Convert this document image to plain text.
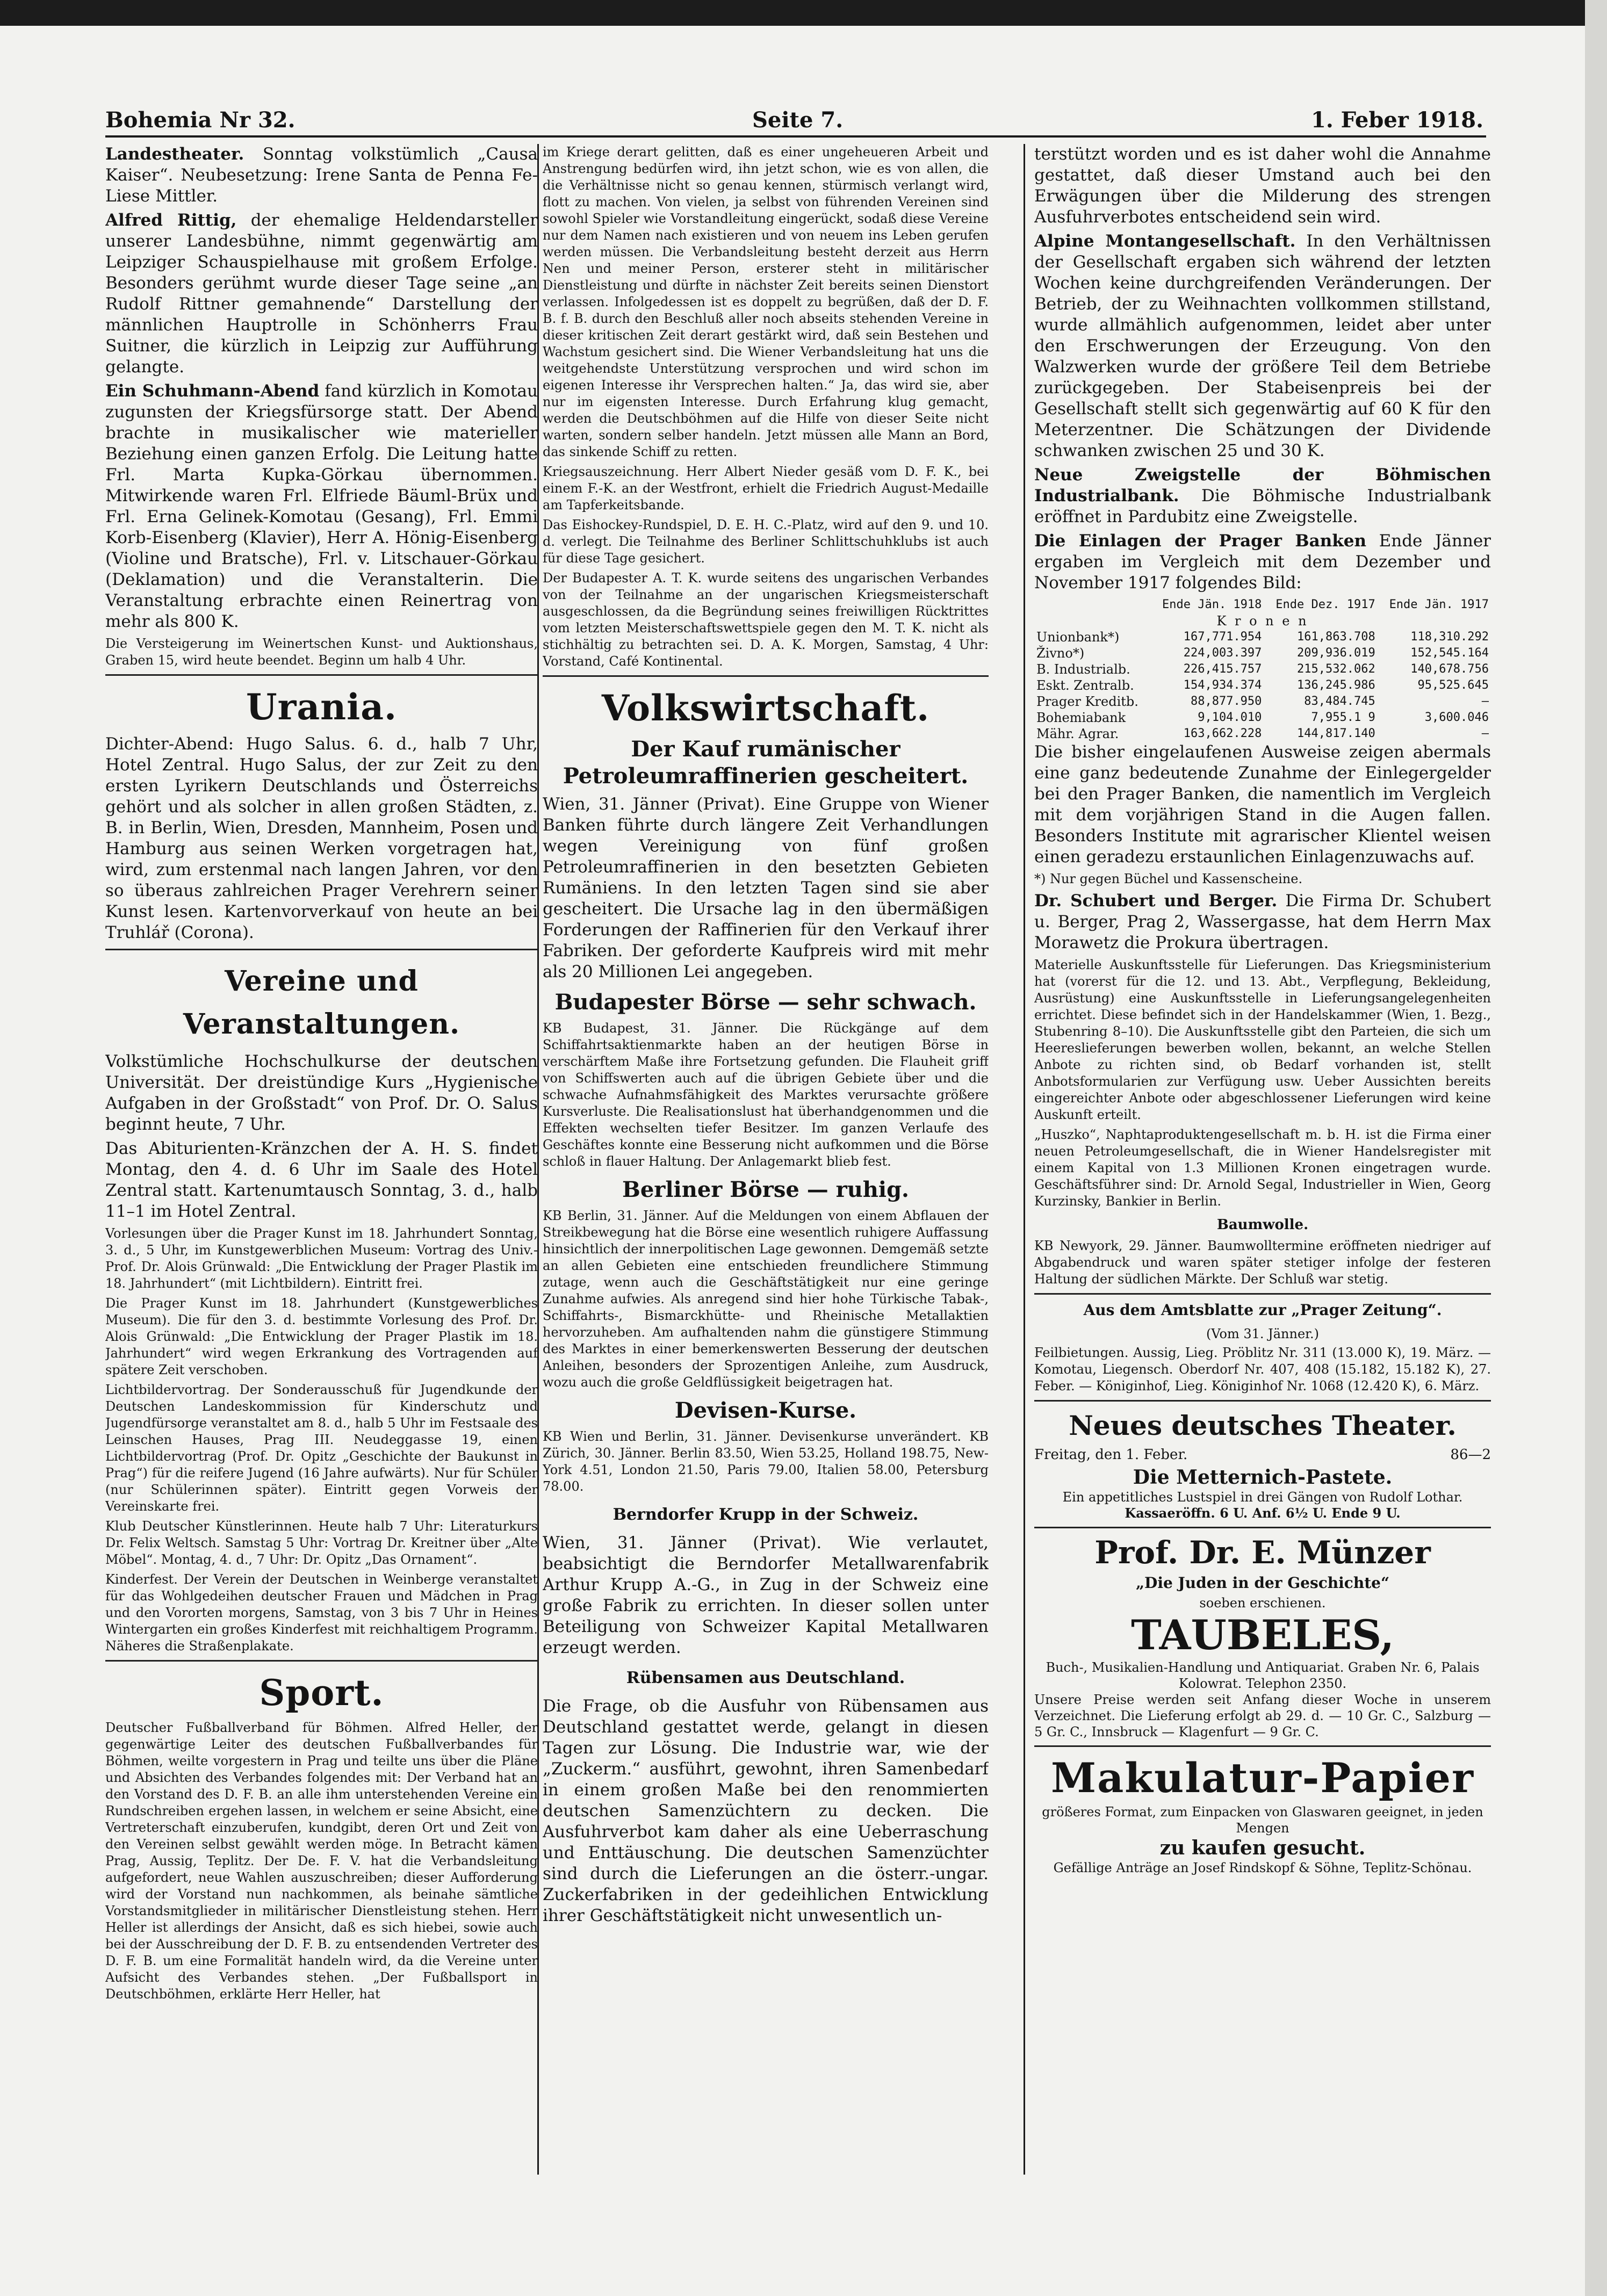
Bohemia Nr 32.	Seite 7.	1. Feber 1918.

Landestheater. Sonntag volkstümlich „Causa Kaiser“. Neubesetzung: Irene Santa de Penna Fe-Liese Mittler.

Alfred Rittig, der ehemalige Heldendarsteller unserer Landesbühne, nimmt gegenwärtig am Leipziger Schauspielhause mit großem Erfolge. Besonders gerühmt wurde dieser Tage seine „an Rudolf Rittner gemahnende“ Darstellung der männlichen Hauptrolle in Schönherrs Frau Suitner, die kürzlich in Leipzig zur Aufführung gelangte.

Ein Schuhmann-Abend fand kürzlich in Komotau zugunsten der Kriegsfürsorge statt. Der Abend brachte in musikalischer wie materieller Beziehung einen ganzen Erfolg. Die Leitung hatte Frl. Marta Kupka-Görkau übernommen. Mitwirkende waren Frl. Elfriede Bäuml-Brüx und Frl. Erna Gelinek-Komotau (Gesang), Frl. Emmi Korb-Eisenberg (Klavier), Herr A. Hönig-Eisenberg (Violine und Bratsche), Frl. v. Litschauer-Görkau (Deklamation) und die Veranstalterin. Die Veranstaltung erbrachte einen Reinertrag von mehr als 800 K.

Die Versteigerung im Weinertschen Kunst- und Auktionshaus, Graben 15, wird heute beendet. Beginn um halb 4 Uhr.

Urania.

Dichter-Abend: Hugo Salus. 6. d., halb 7 Uhr, Hotel Zentral. Hugo Salus, der zur Zeit zu den ersten Lyrikern Deutschlands und Österreichs gehört und als solcher in allen großen Städten, z. B. in Berlin, Wien, Dresden, Mannheim, Posen und Hamburg aus seinen Werken vorgetragen hat, wird, zum erstenmal nach langen Jahren, vor den so überaus zahlreichen Prager Verehrern seiner Kunst lesen. Kartenvorverkauf von heute an bei Truhlář (Corona).

Vereine und Veranstaltungen.

Volkstümliche Hochschulkurse der deutschen Universität. Der dreistündige Kurs „Hygienische Aufgaben in der Großstadt“ von Prof. Dr. O. Salus beginnt heute, 7 Uhr.

Das Abiturienten-Kränzchen der A. H. S. findet Montag, den 4. d. 6 Uhr im Saale des Hotel Zentral statt. Kartenumtausch Sonntag, 3. d., halb 11–1 im Hotel Zentral.

Vorlesungen über die Prager Kunst im 18. Jahrhundert Sonntag, 3. d., 5 Uhr, im Kunstgewerblichen Museum: Vortrag des Univ.-Prof. Dr. Alois Grünwald: „Die Entwicklung der Prager Plastik im 18. Jahrhundert“ (mit Lichtbildern). Eintritt frei.

Die Prager Kunst im 18. Jahrhundert (Kunstgewerbliches Museum). Die für den 3. d. bestimmte Vorlesung des Prof. Dr. Alois Grünwald: „Die Entwicklung der Prager Plastik im 18. Jahrhundert“ wird wegen Erkrankung des Vortragenden auf spätere Zeit verschoben.

Lichtbildervortrag. Der Sonderausschuß für Jugendkunde der Deutschen Landeskommission für Kinderschutz und Jugendfürsorge veranstaltet am 8. d., halb 5 Uhr im Festsaale des Leinschen Hauses, Prag III. Neudeggasse 19, einen Lichtbildervortrag (Prof. Dr. Opitz „Geschichte der Baukunst in Prag“) für die reifere Jugend (16 Jahre aufwärts). Nur für Schüler (nur Schülerinnen später). Eintritt gegen Vorweis der Vereinskarte frei.

Klub Deutscher Künstlerinnen. Heute halb 7 Uhr: Literaturkurs Dr. Felix Weltsch. Samstag 5 Uhr: Vortrag Dr. Kreitner über „Alte Möbel“. Montag, 4. d., 7 Uhr: Dr. Opitz „Das Ornament“.

Kinderfest. Der Verein der Deutschen in Weinberge veranstaltet für das Wohlgedeihen deutscher Frauen und Mädchen in Prag und den Vororten morgens, Samstag, von 3 bis 7 Uhr in Heines Wintergarten ein großes Kinderfest mit reichhaltigem Programm. Näheres die Straßenplakate.

Sport.

Deutscher Fußballverband für Böhmen. Alfred Heller, der gegenwärtige Leiter des deutschen Fußballverbandes für Böhmen, weilte vorgestern in Prag und teilte uns über die Pläne und Absichten des Verbandes folgendes mit: Der Verband hat an den Vorstand des D. F. B. an alle ihm unterstehenden Vereine ein Rundschreiben ergehen lassen, in welchem er seine Absicht, eine Vertreterschaft einzuberufen, kundgibt, deren Ort und Zeit von den Vereinen selbst gewählt werden möge. In Betracht kämen Prag, Aussig, Teplitz. Der De. F. V. hat die Verbandsleitung aufgefordert, neue Wahlen auszuschreiben; dieser Aufforderung wird der Vorstand nun nachkommen, als beinahe sämtliche Vorstandsmitglieder in militärischer Dienstleistung stehen. Herr Heller ist allerdings der Ansicht, daß es sich hiebei, sowie auch bei der Ausschreibung der D. F. B. zu entsendenden Vertreter des D. F. B. um eine Formalität handeln wird, da die Vereine unter Aufsicht des Verbandes stehen. „Der Fußballsport in Deutschböhmen, erklärte Herr Heller, hat

im Kriege derart gelitten, daß es einer ungeheueren Arbeit und Anstrengung bedürfen wird, ihn jetzt schon, wie es von allen, die die Verhältnisse nicht so genau kennen, stürmisch verlangt wird, flott zu machen. Von vielen, ja selbst von führenden Vereinen sind sowohl Spieler wie Vorstandleitung eingerückt, sodaß diese Vereine nur dem Namen nach existieren und von neuem ins Leben gerufen werden müssen. Die Verbandsleitung besteht derzeit aus Herrn Nen und meiner Person, ersterer steht in militärischer Dienstleistung und dürfte in nächster Zeit bereits seinen Dienstort verlassen. Infolgedessen ist es doppelt zu begrüßen, daß der D. F. B. f. B. durch den Beschluß aller noch abseits stehenden Vereine in dieser kritischen Zeit derart gestärkt wird, daß sein Bestehen und Wachstum gesichert sind. Die Wiener Verbandsleitung hat uns die weitgehendste Unterstützung versprochen und wird schon im eigenen Interesse ihr Versprechen halten.“ Ja, das wird sie, aber nur im eigensten Interesse. Durch Erfahrung klug gemacht, werden die Deutschböhmen auf die Hilfe von dieser Seite nicht warten, sondern selber handeln. Jetzt müssen alle Mann an Bord, das sinkende Schiff zu retten.

Kriegsauszeichnung. Herr Albert Nieder gesäß vom D. F. K., bei einem F.-K. an der Westfront, erhielt die Friedrich August-Medaille am Tapferkeitsbande.

Das Eishockey-Rundspiel, D. E. H. C.-Platz, wird auf den 9. und 10. d. verlegt. Die Teilnahme des Berliner Schlittschuhklubs ist auch für diese Tage gesichert.

Der Budapester A. T. K. wurde seitens des ungarischen Verbandes von der Teilnahme an der ungarischen Kriegsmeisterschaft ausgeschlossen, da die Begründung seines freiwilligen Rücktrittes vom letzten Meisterschaftswettspiele gegen den M. T. K. nicht als stichhältig zu betrachten sei. D. A. K. Morgen, Samstag, 4 Uhr: Vorstand, Café Kontinental.

Volkswirtschaft.
Der Kauf rumänischer Petroleumraffinerien gescheitert.

Wien, 31. Jänner (Privat). Eine Gruppe von Wiener Banken führte durch längere Zeit Verhandlungen wegen Vereinigung von fünf großen Petroleumraffinerien in den besetzten Gebieten Rumäniens. In den letzten Tagen sind sie aber gescheitert. Die Ursache lag in den übermäßigen Forderungen der Raffinerien für den Verkauf ihrer Fabriken. Der geforderte Kaufpreis wird mit mehr als 20 Millionen Lei angegeben.

Budapester Börse — sehr schwach.

KB Budapest, 31. Jänner. Die Rückgänge auf dem Schiffahrtsaktienmarkte haben an der heutigen Börse in verschärftem Maße ihre Fortsetzung gefunden. Die Flauheit griff von Schiffswerten auch auf die übrigen Gebiete über und die schwache Aufnahmsfähigkeit des Marktes verursachte größere Kursverluste. Die Realisationslust hat überhandgenommen und die Effekten wechselten tiefer Besitzer. Im ganzen Verlaufe des Geschäftes konnte eine Besserung nicht aufkommen und die Börse schloß in flauer Haltung. Der Anlagemarkt blieb fest.

Berliner Börse — ruhig.

KB Berlin, 31. Jänner. Auf die Meldungen von einem Abflauen der Streikbewegung hat die Börse eine wesentlich ruhigere Auffassung hinsichtlich der innerpolitischen Lage gewonnen. Demgemäß setzte an allen Gebieten eine entschieden freundlichere Stimmung zutage, wenn auch die Geschäftstätigkeit nur eine geringe Zunahme aufwies. Als anregend sind hier hohe Türkische Tabak-, Schiffahrts-, Bismarckhütte- und Rheinische Metallaktien hervorzuheben. Am aufhaltenden nahm die günstigere Stimmung des Marktes in einer bemerkenswerten Besserung der deutschen Anleihen, besonders der Sprozentigen Anleihe, zum Ausdruck, wozu auch die große Geldflüssigkeit beigetragen hat.

Devisen-Kurse.

KB Wien und Berlin, 31. Jänner. Devisenkurse unverändert. KB Zürich, 30. Jänner. Berlin 83.50, Wien 53.25, Holland 198.75, New-York 4.51, London 21.50, Paris 79.00, Italien 58.00, Petersburg 78.00.

Berndorfer Krupp in der Schweiz.

Wien, 31. Jänner (Privat). Wie verlautet, beabsichtigt die Berndorfer Metallwarenfabrik Arthur Krupp A.-G., in Zug in der Schweiz eine große Fabrik zu errichten. In dieser sollen unter Beteiligung von Schweizer Kapital Metallwaren erzeugt werden.

Rübensamen aus Deutschland.

Die Frage, ob die Ausfuhr von Rübensamen aus Deutschland gestattet werde, gelangt in diesen Tagen zur Lösung. Die Industrie war, wie der „Zuckerm.“ ausführt, gewohnt, ihren Samenbedarf in einem großen Maße bei den renommierten deutschen Samenzüchtern zu decken. Die Ausfuhrverbot kam daher als eine Ueberraschung und Enttäuschung. Die deutschen Samenzüchter sind durch die Lieferungen an die österr.-ungar. Zuckerfabriken in der gedeihlichen Entwicklung ihrer Geschäftstätigkeit nicht unwesentlich un-

terstützt worden und es ist daher wohl die Annahme gestattet, daß dieser Umstand auch bei den Erwägungen über die Milderung des strengen Ausfuhrverbotes entscheidend sein wird.

Alpine Montangesellschaft. In den Verhältnissen der Gesellschaft ergaben sich während der letzten Wochen keine durchgreifenden Veränderungen. Der Betrieb, der zu Weihnachten vollkommen stillstand, wurde allmählich aufgenommen, leidet aber unter den Erschwerungen der Erzeugung. Von den Walzwerken wurde der größere Teil dem Betriebe zurückgegeben. Der Stabeisenpreis bei der Gesellschaft stellt sich gegenwärtig auf 60 K für den Meterzentner. Die Schätzungen der Dividende schwanken zwischen 25 und 30 K.

Neue Zweigstelle der Böhmischen Industrialbank. Die Böhmische Industrialbank eröffnet in Pardubitz eine Zweigstelle.

Die Einlagen der Prager Banken Ende Jänner ergaben im Vergleich mit dem Dezember und November 1917 folgendes Bild:

	Ende Jän. 1918	Ende Dez. 1917	Ende Jän. 1917
K r o n e n			
Unionbank*)	167,771.954	161,863.708	118,310.292
Živno*)	224,003.397	209,936.019	152,545.164
B. Industrialb.	226,415.757	215,532.062	140,678.756
Eskt. Zentralb.	154,934.374	136,245.986	95,525.645
Prager Kreditb.	88,877.950	83,484.745	—
Bohemiabank	9,104.010	7,955.1 9	3,600.046
Mähr. Agrar.	163,662.228	144,817.140	—

Die bisher eingelaufenen Ausweise zeigen abermals eine ganz bedeutende Zunahme der Einlegergelder bei den Prager Banken, die namentlich im Vergleich mit dem vorjährigen Stand in die Augen fallen. Besonders Institute mit agrarischer Klientel weisen einen geradezu erstaunlichen Einlagenzuwachs auf.

*) Nur gegen Büchel und Kassenscheine.

Dr. Schubert und Berger. Die Firma Dr. Schubert u. Berger, Prag 2, Wassergasse, hat dem Herrn Max Morawetz die Prokura übertragen.

Materielle Auskunftsstelle für Lieferungen. Das Kriegsministerium hat (vorerst für die 12. und 13. Abt., Verpflegung, Bekleidung, Ausrüstung) eine Auskunftsstelle in Lieferungsangelegenheiten errichtet. Diese befindet sich in der Handelskammer (Wien, 1. Bezg., Stubenring 8–10). Die Auskunftsstelle gibt den Parteien, die sich um Heereslieferungen bewerben wollen, bekannt, an welche Stellen Anbote zu richten sind, ob Bedarf vorhanden ist, stellt Anbotsformularien zur Verfügung usw. Ueber Aussichten bereits eingereichter Anbote oder abgeschlossener Lieferungen wird keine Auskunft erteilt.

„Huszko“, Naphtaproduktengesellschaft m. b. H. ist die Firma einer neuen Petroleumgesellschaft, die in Wiener Handelsregister mit einem Kapital von 1.3 Millionen Kronen eingetragen wurde. Geschäftsführer sind: Dr. Arnold Segal, Industrieller in Wien, Georg Kurzinsky, Bankier in Berlin.

Baumwolle.

KB Newyork, 29. Jänner. Baumwolltermine eröffneten niedriger auf Abgabendruck und waren später stetiger infolge der festeren Haltung der südlichen Märkte. Der Schluß war stetig.

Aus dem Amtsblatte zur „Prager Zeitung“.
(Vom 31. Jänner.)

Feilbietungen. Aussig, Lieg. Pröblitz Nr. 311 (13.000 K), 19. März. — Komotau, Liegensch. Oberdorf Nr. 407, 408 (15.182, 15.182 K), 27. Feber. — Königinhof, Lieg. Königinhof Nr. 1068 (12.420 K), 6. März.

Neues deutsches Theater.
Freitag, den 1. Feber.	86—2
Die Metternich-Pastete.
Ein appetitliches Lustspiel in drei Gängen von Rudolf Lothar.
Kassaeröffn. 6 U. Anf. 6½ U. Ende 9 U.
Prof. Dr. E. Münzer
„Die Juden in der Geschichte“
soeben erschienen.
TAUBELES,
Buch-, Musikalien-Handlung und Antiquariat. Graben Nr. 6, Palais Kolowrat. Telephon 2350.
Unsere Preise werden seit Anfang dieser Woche in unserem Verzeichnet. Die Lieferung erfolgt ab 29. d. — 10 Gr. C., Salzburg — 5 Gr. C., Innsbruck — Klagenfurt — 9 Gr. C.
Makulatur-Papier
größeres Format, zum Einpacken von Glaswaren geeignet, in jeden Mengen
zu kaufen gesucht.
Gefällige Anträge an Josef Rindskopf & Söhne, Teplitz-Schönau.
